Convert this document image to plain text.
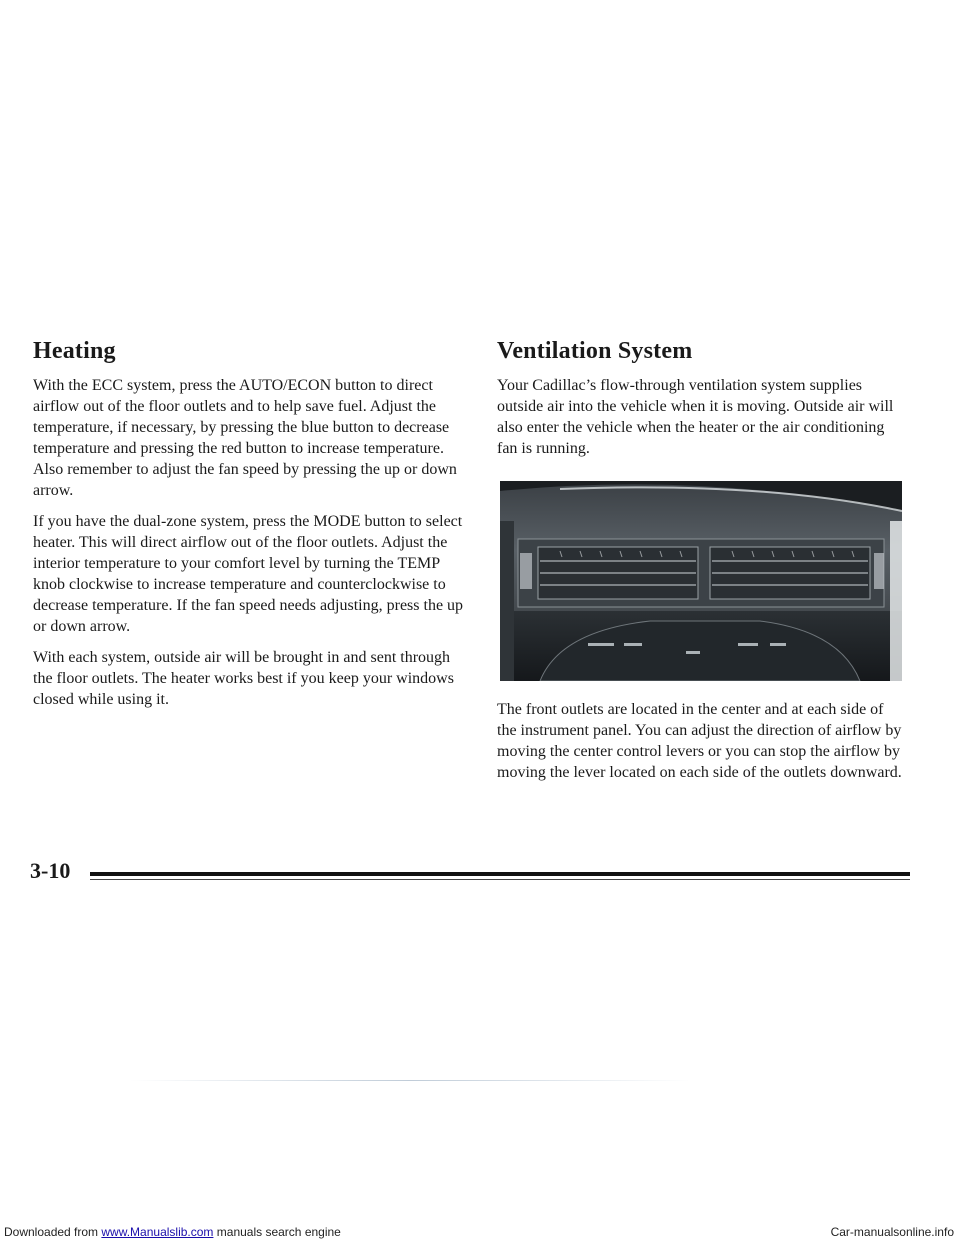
Heating

With the ECC system, press the AUTO/ECON button to direct airflow out of the floor outlets and to help save fuel. Adjust the temperature, if necessary, by pressing the blue button to decrease temperature and pressing the red button to increase temperature. Also remember to adjust the fan speed by pressing the up or down arrow.

If you have the dual-zone system, press the MODE button to select heater. This will direct airflow out of the floor outlets. Adjust the interior temperature to your comfort level by turning the TEMP knob clockwise to increase temperature and counterclockwise to decrease temperature. If the fan speed needs adjusting, press the up or down arrow.

With each system, outside air will be brought in and sent through the floor outlets. The heater works best if you keep your windows closed while using it.

Ventilation System

Your Cadillac’s flow-through ventilation system supplies outside air into the vehicle when it is moving. Outside air will also enter the vehicle when the heater or the air conditioning fan is running.

The front outlets are located in the center and at each side of the instrument panel. You can adjust the direction of airflow by moving the center control levers or you can stop the airflow by moving the lever located on each side of the outlets downward.

3-10
Downloaded from www.Manualslib.com manuals search engine	Car-manualsonline.info
